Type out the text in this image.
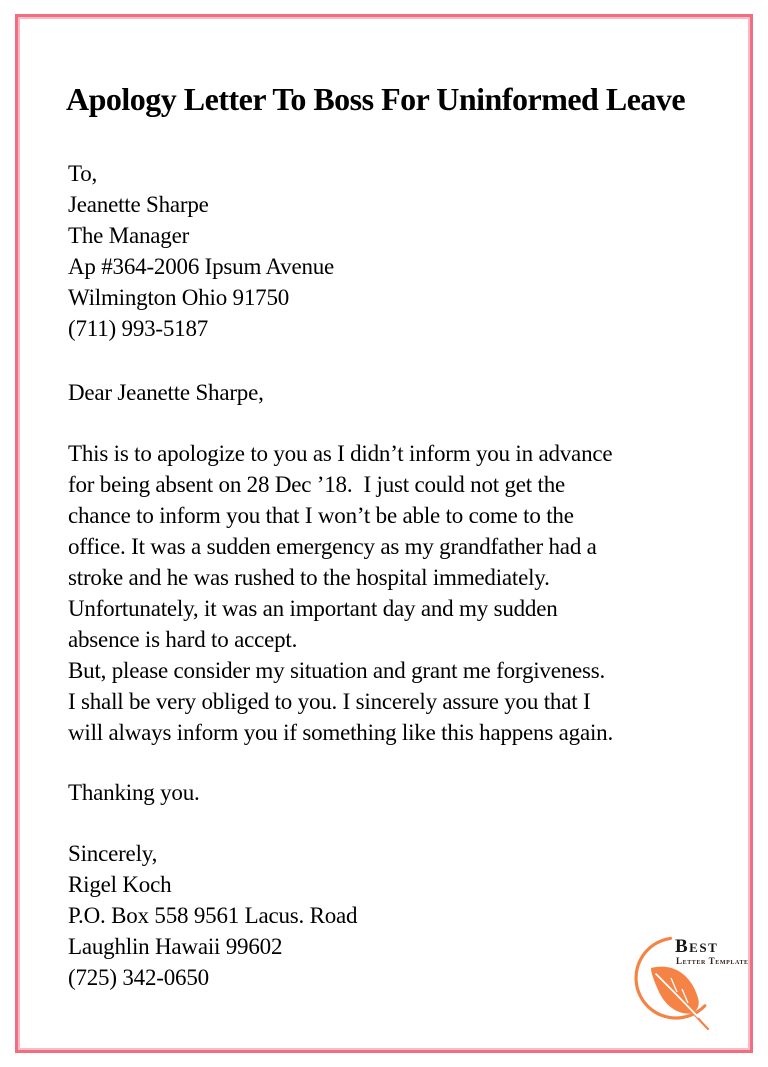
Apology Letter To Boss For Uninformed Leave
To,
Jeanette Sharpe
The Manager
Ap #364-2006 Ipsum Avenue
Wilmington Ohio 91750
(711) 993-5187
Dear Jeanette Sharpe,
This is to apologize to you as I didn’t inform you in advance
for being absent on 28 Dec ’18.  I just could not get the
chance to inform you that I won’t be able to come to the
office. It was a sudden emergency as my grandfather had a
stroke and he was rushed to the hospital immediately.
Unfortunately, it was an important day and my sudden
absence is hard to accept.
But, please consider my situation and grant me forgiveness.
I shall be very obliged to you. I sincerely assure you that I
will always inform you if something like this happens again.
Thanking you.
Sincerely,
Rigel Koch
P.O. Box 558 9561 Lacus. Road
Laughlin Hawaii 99602
(725) 342-0650
Best
Letter Template
